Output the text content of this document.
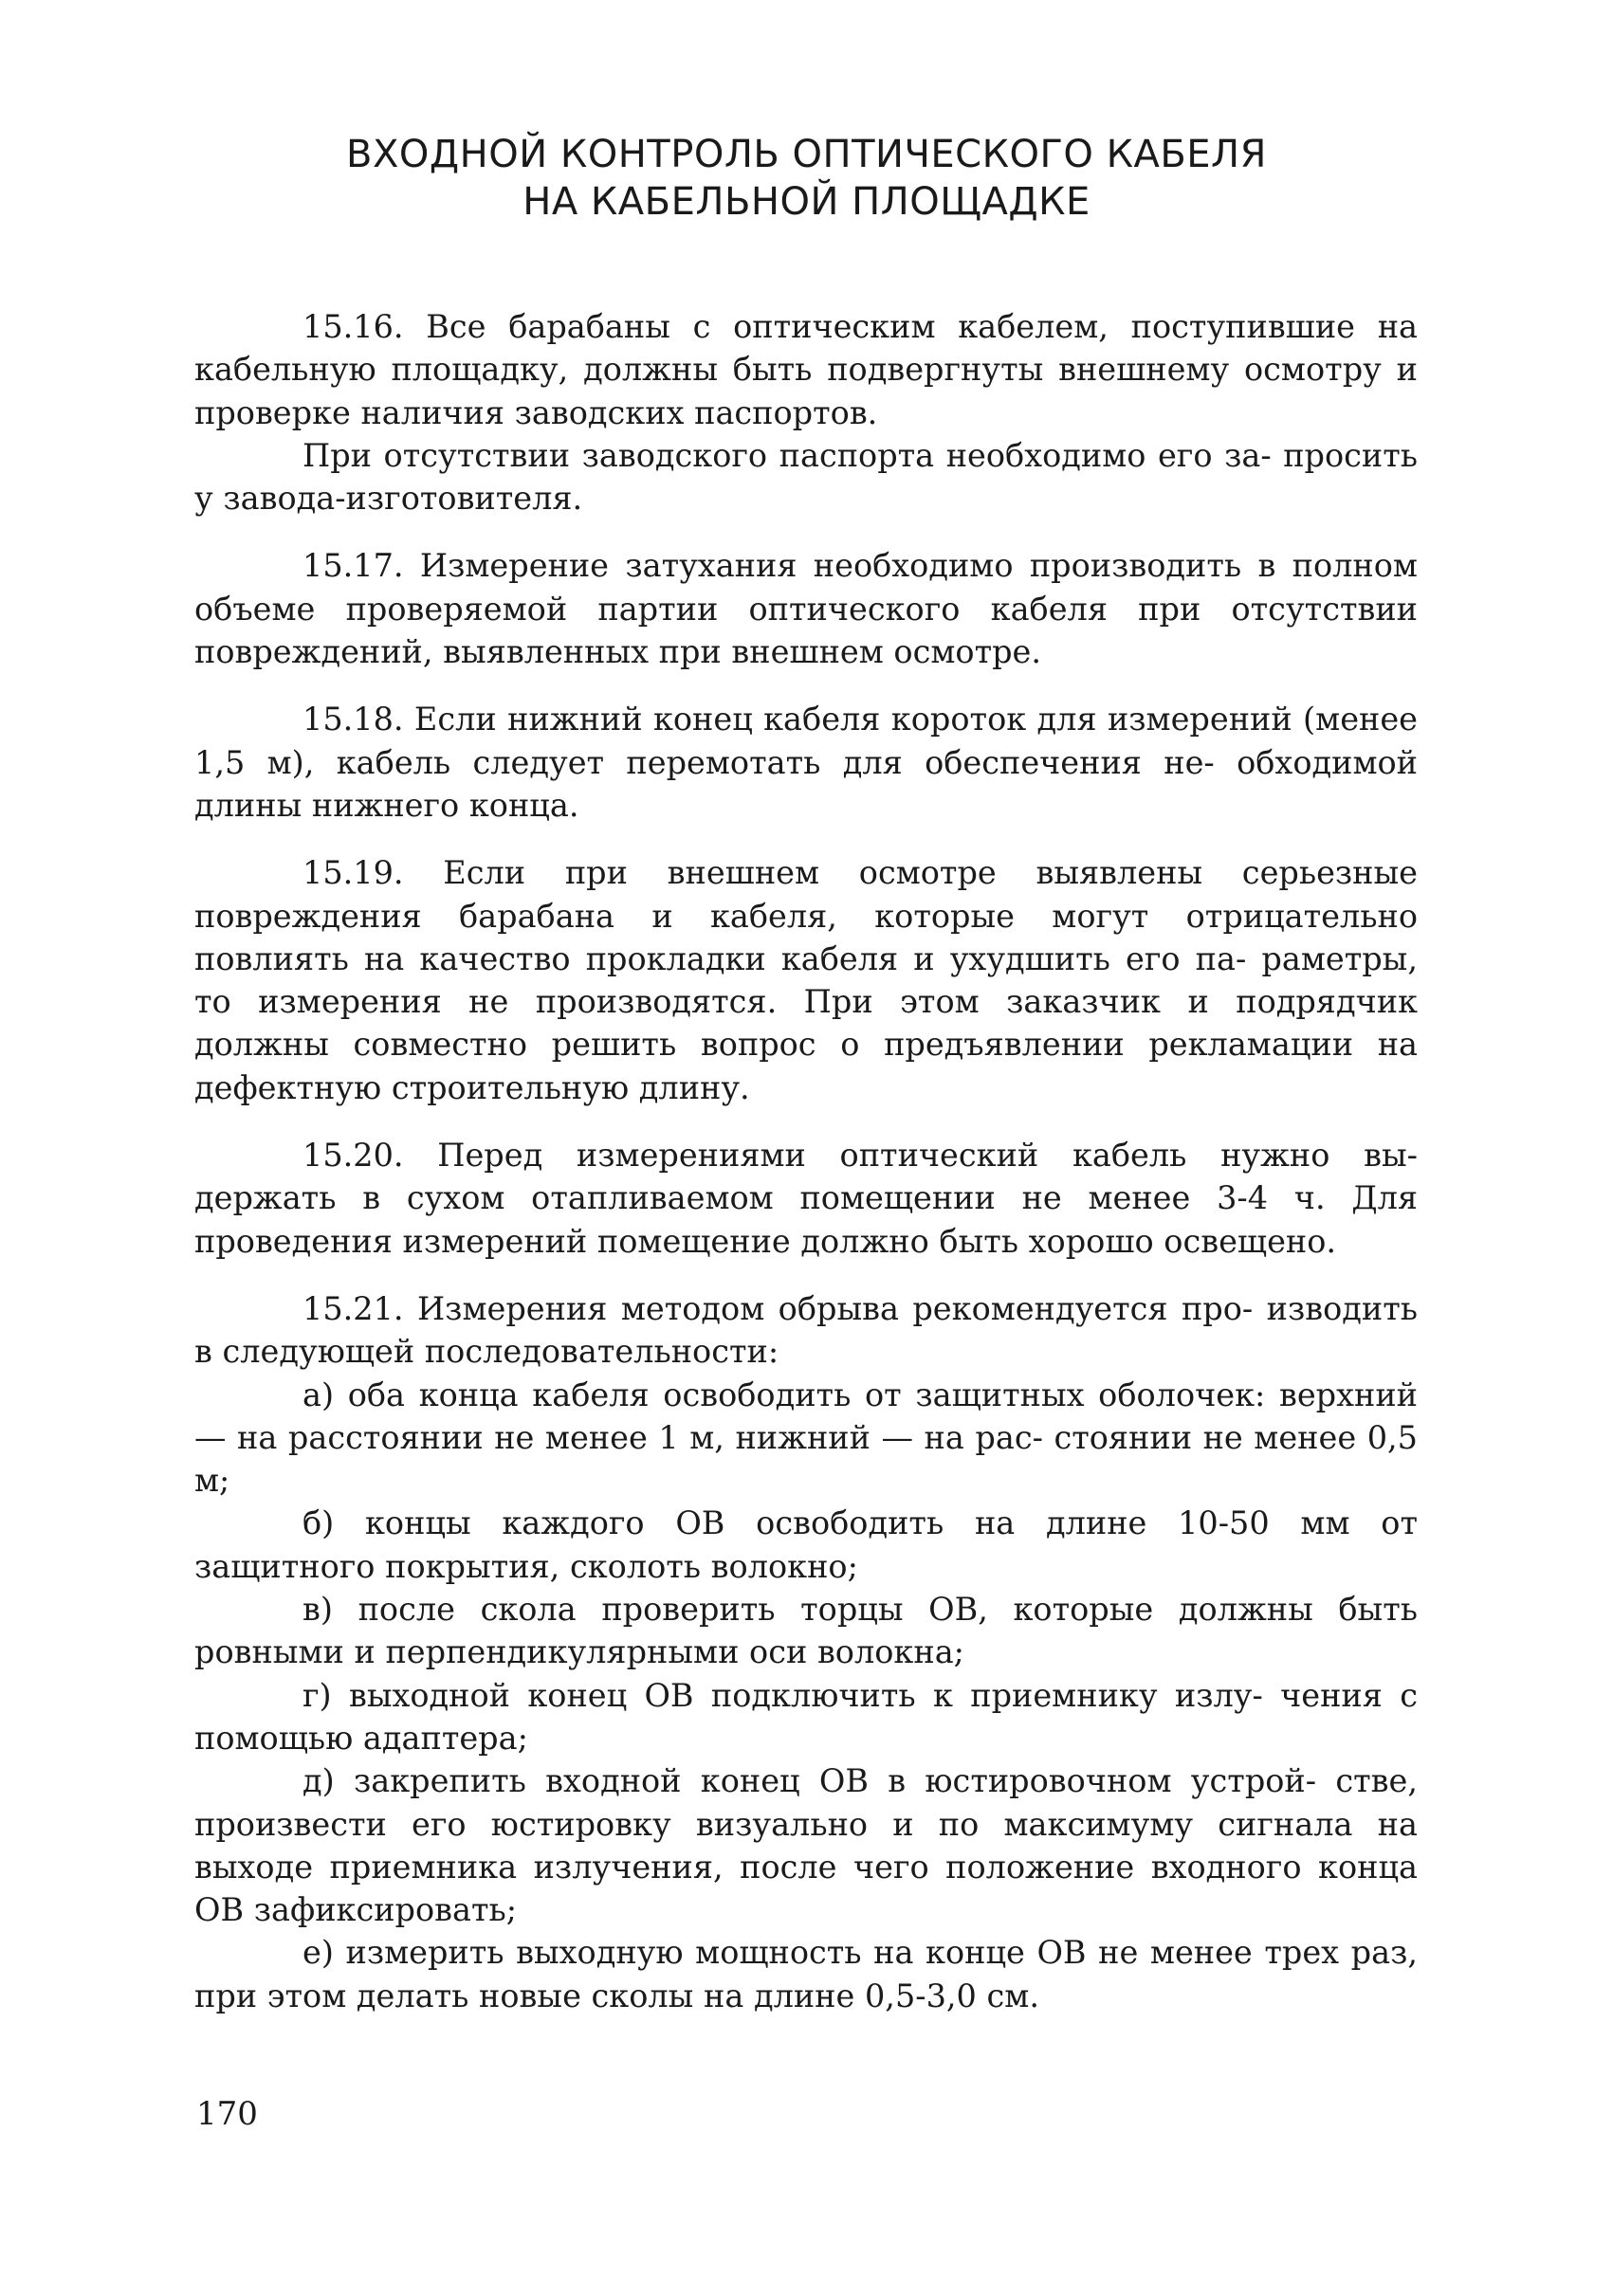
ВХОДНОЙ КОНТРОЛЬ ОПТИЧЕСКОГО КАБЕЛЯ
НА КАБЕЛЬНОЙ ПЛОЩАДКЕ

15.16. Все барабаны с оптическим кабелем, поступившие на кабельную площадку, должны быть подвергнуты внешнему осмотру и проверке наличия заводских паспортов.

При отсутствии заводского паспорта необходимо его за- просить у завода-изготовителя.

15.17. Измерение затухания необходимо производить в полном объеме проверяемой партии оптического кабеля при отсутствии повреждений, выявленных при внешнем осмотре.

15.18. Если нижний конец кабеля короток для измерений (менее 1,5 м), кабель следует перемотать для обеспечения не- обходимой длины нижнего конца.

15.19. Если при внешнем осмотре выявлены серьезные повреждения барабана и кабеля, которые могут отрицательно повлиять на качество прокладки кабеля и ухудшить его па- раметры, то измерения не производятся. При этом заказчик и подрядчик должны совместно решить вопрос о предъявлении рекламации на дефектную строительную длину.

15.20. Перед измерениями оптический кабель нужно вы- держать в сухом отапливаемом помещении не менее 3-4 ч. Для проведения измерений помещение должно быть хорошо освещено.

15.21. Измерения методом обрыва рекомендуется про- изводить в следующей последовательности:

а) оба конца кабеля освободить от защитных оболочек: верхний — на расстоянии не менее 1 м, нижний — на рас- стоянии не менее 0,5 м;

б) концы каждого ОВ освободить на длине 10-50 мм от защитного покрытия, сколоть волокно;

в) после скола проверить торцы ОВ, которые должны быть ровными и перпендикулярными оси волокна;

г) выходной конец ОВ подключить к приемнику излу- чения с помощью адаптера;

д) закрепить входной конец ОВ в юстировочном устрой- стве, произвести его юстировку визуально и по максимуму сигнала на выходе приемника излучения, после чего положение входного конца ОВ зафиксировать;

е) измерить выходную мощность на конце ОВ не менее трех раз, при этом делать новые сколы на длине 0,5-3,0 см.

170
